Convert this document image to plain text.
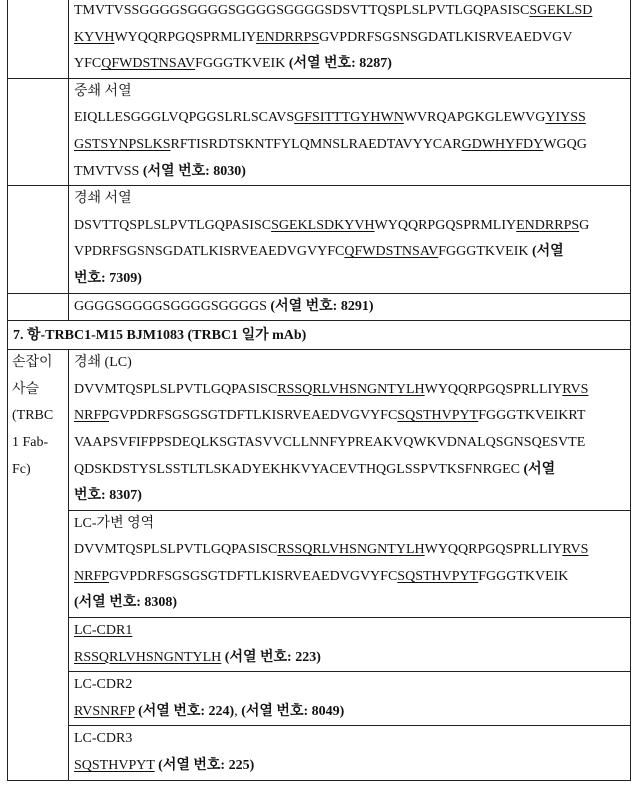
TMVTVSSGGGGSGGGGSGGGGSGGGGSDSVTTQSPLSLPVTLGQPASISCSGEKLSD
KYVHWYQQRPGQSPRMLIYENDRRPSGVPDRFSGSNSGDATLKISRVEAEDVGV
YFCQFWDSTNSAVFGGGTKVEIK (서열 번호: 8287)
중쇄 서열
EIQLLESGGGLVQPGGSLRLSCAVSGFSITTTGYHWNWVRQAPGKGLEWVGYIYSS
GSTSYNPSLKSRFTISRDTSKNTFYLQMNSLRAEDTAVYYCARGDWHYFDYWGQG
TMVTVSS (서열 번호: 8030)
경쇄 서열
DSVTTQSPLSLPVTLGQPASISCSGEKLSDKYVHWYQQRPGQSPRMLIYENDRRPSG
VPDRFSGSNSGDATLKISRVEAEDVGVYFCQFWDSTNSAVFGGGTKVEIK (서열
번호: 7309)
GGGGSGGGGSGGGGSGGGGS (서열 번호: 8291)
7. 항-TRBC1-M15 BJM1083 (TRBC1 일가 mAb)
손잡이
사슬
(TRBC
1 Fab-
Fc)
경쇄 (LC)
DVVMTQSPLSLPVTLGQPASISCRSSQRLVHSNGNTYLHWYQQRPGQSPRLLIYRVS
NRFPGVPDRFSGSGSGTDFTLKISRVEAEDVGVYFCSQSTHVPYTFGGGTKVEIKRT
VAAPSVFIFPPSDEQLKSGTASVVCLLNNFYPREAKVQWKVDNALQSGNSQESVTE
QDSKDSTYSLSSTLTLSKADYEKHKVYACEVTHQGLSSPVTKSFNRGEC (서열
번호: 8307)
LC-가변 영역
DVVMTQSPLSLPVTLGQPASISCRSSQRLVHSNGNTYLHWYQQRPGQSPRLLIYRVS
NRFPGVPDRFSGSGSGTDFTLKISRVEAEDVGVYFCSQSTHVPYTFGGGTKVEIK
(서열 번호: 8308)
LC-CDR1
RSSQRLVHSNGNTYLH (서열 번호: 223)
LC-CDR2
RVSNRFP (서열 번호: 224), (서열 번호: 8049)
LC-CDR3
SQSTHVPYT (서열 번호: 225)
